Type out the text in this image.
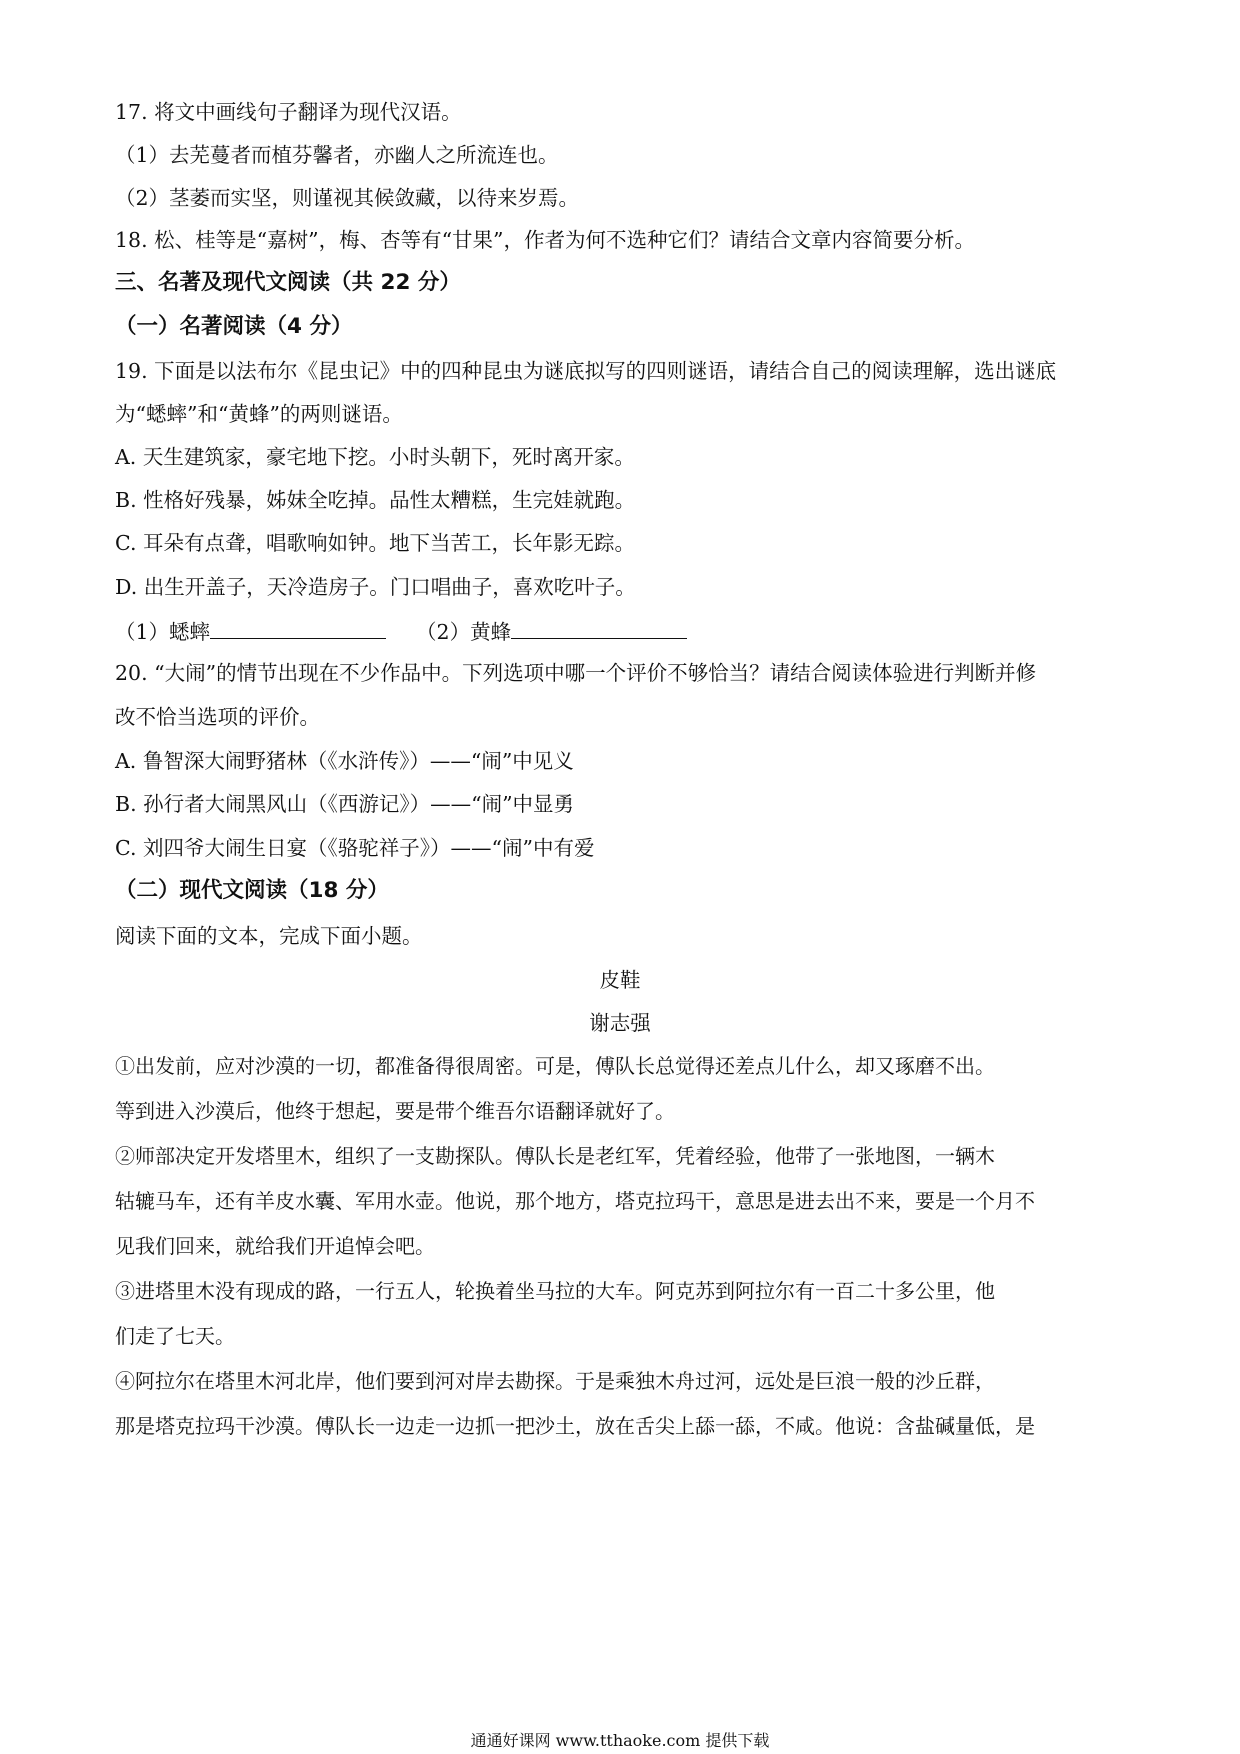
17. 将文中画线句子翻译为现代汉语。
（1）去芜蔓者而植芬馨者，亦幽人之所流连也。
（2）茎萎而实坚，则谨视其候敛藏，以待来岁焉。
18. 松、桂等是“嘉树”，梅、杏等有“甘果”，作者为何不选种它们？请结合文章内容简要分析。
三、名著及现代文阅读（共 22 分）
（一）名著阅读（4 分）
19. 下面是以法布尔《昆虫记》中的四种昆虫为谜底拟写的四则谜语，请结合自己的阅读理解，选出谜底
为“蟋蟀”和“黄蜂”的两则谜语。
A. 天生建筑家，豪宅地下挖。小时头朝下，死时离开家。
B. 性格好残暴，姊妹全吃掉。品性太糟糕，生完娃就跑。
C. 耳朵有点聋，唱歌响如钟。地下当苦工，长年影无踪。
D. 出生开盖子，天冷造房子。门口唱曲子，喜欢吃叶子。
（1）蟋蟀	（2）黄蜂
20. “大闹”的情节出现在不少作品中。下列选项中哪一个评价不够恰当？请结合阅读体验进行判断并修
改不恰当选项的评价。
A. 鲁智深大闹野猪林（《水浒传》）——“闹”中见义
B. 孙行者大闹黑风山（《西游记》）——“闹”中显勇
C. 刘四爷大闹生日宴（《骆驼祥子》）——“闹”中有爱
（二）现代文阅读（18 分）
阅读下面的文本，完成下面小题。
皮鞋
谢志强
①出发前，应对沙漠的一切，都准备得很周密。可是，傅队长总觉得还差点儿什么，却又琢磨不出。
等到进入沙漠后，他终于想起，要是带个维吾尔语翻译就好了。
②师部决定开发塔里木，组织了一支勘探队。傅队长是老红军，凭着经验，他带了一张地图，一辆木
轱辘马车，还有羊皮水囊、军用水壶。他说，那个地方，塔克拉玛干，意思是进去出不来，要是一个月不
见我们回来，就给我们开追悼会吧。
③进塔里木没有现成的路，一行五人，轮换着坐马拉的大车。阿克苏到阿拉尔有一百二十多公里，他
们走了七天。
④阿拉尔在塔里木河北岸，他们要到河对岸去勘探。于是乘独木舟过河，远处是巨浪一般的沙丘群，
那是塔克拉玛干沙漠。傅队长一边走一边抓一把沙土，放在舌尖上舔一舔，不咸。他说：含盐碱量低，是
通通好课网 www.tthaoke.com 提供下载
